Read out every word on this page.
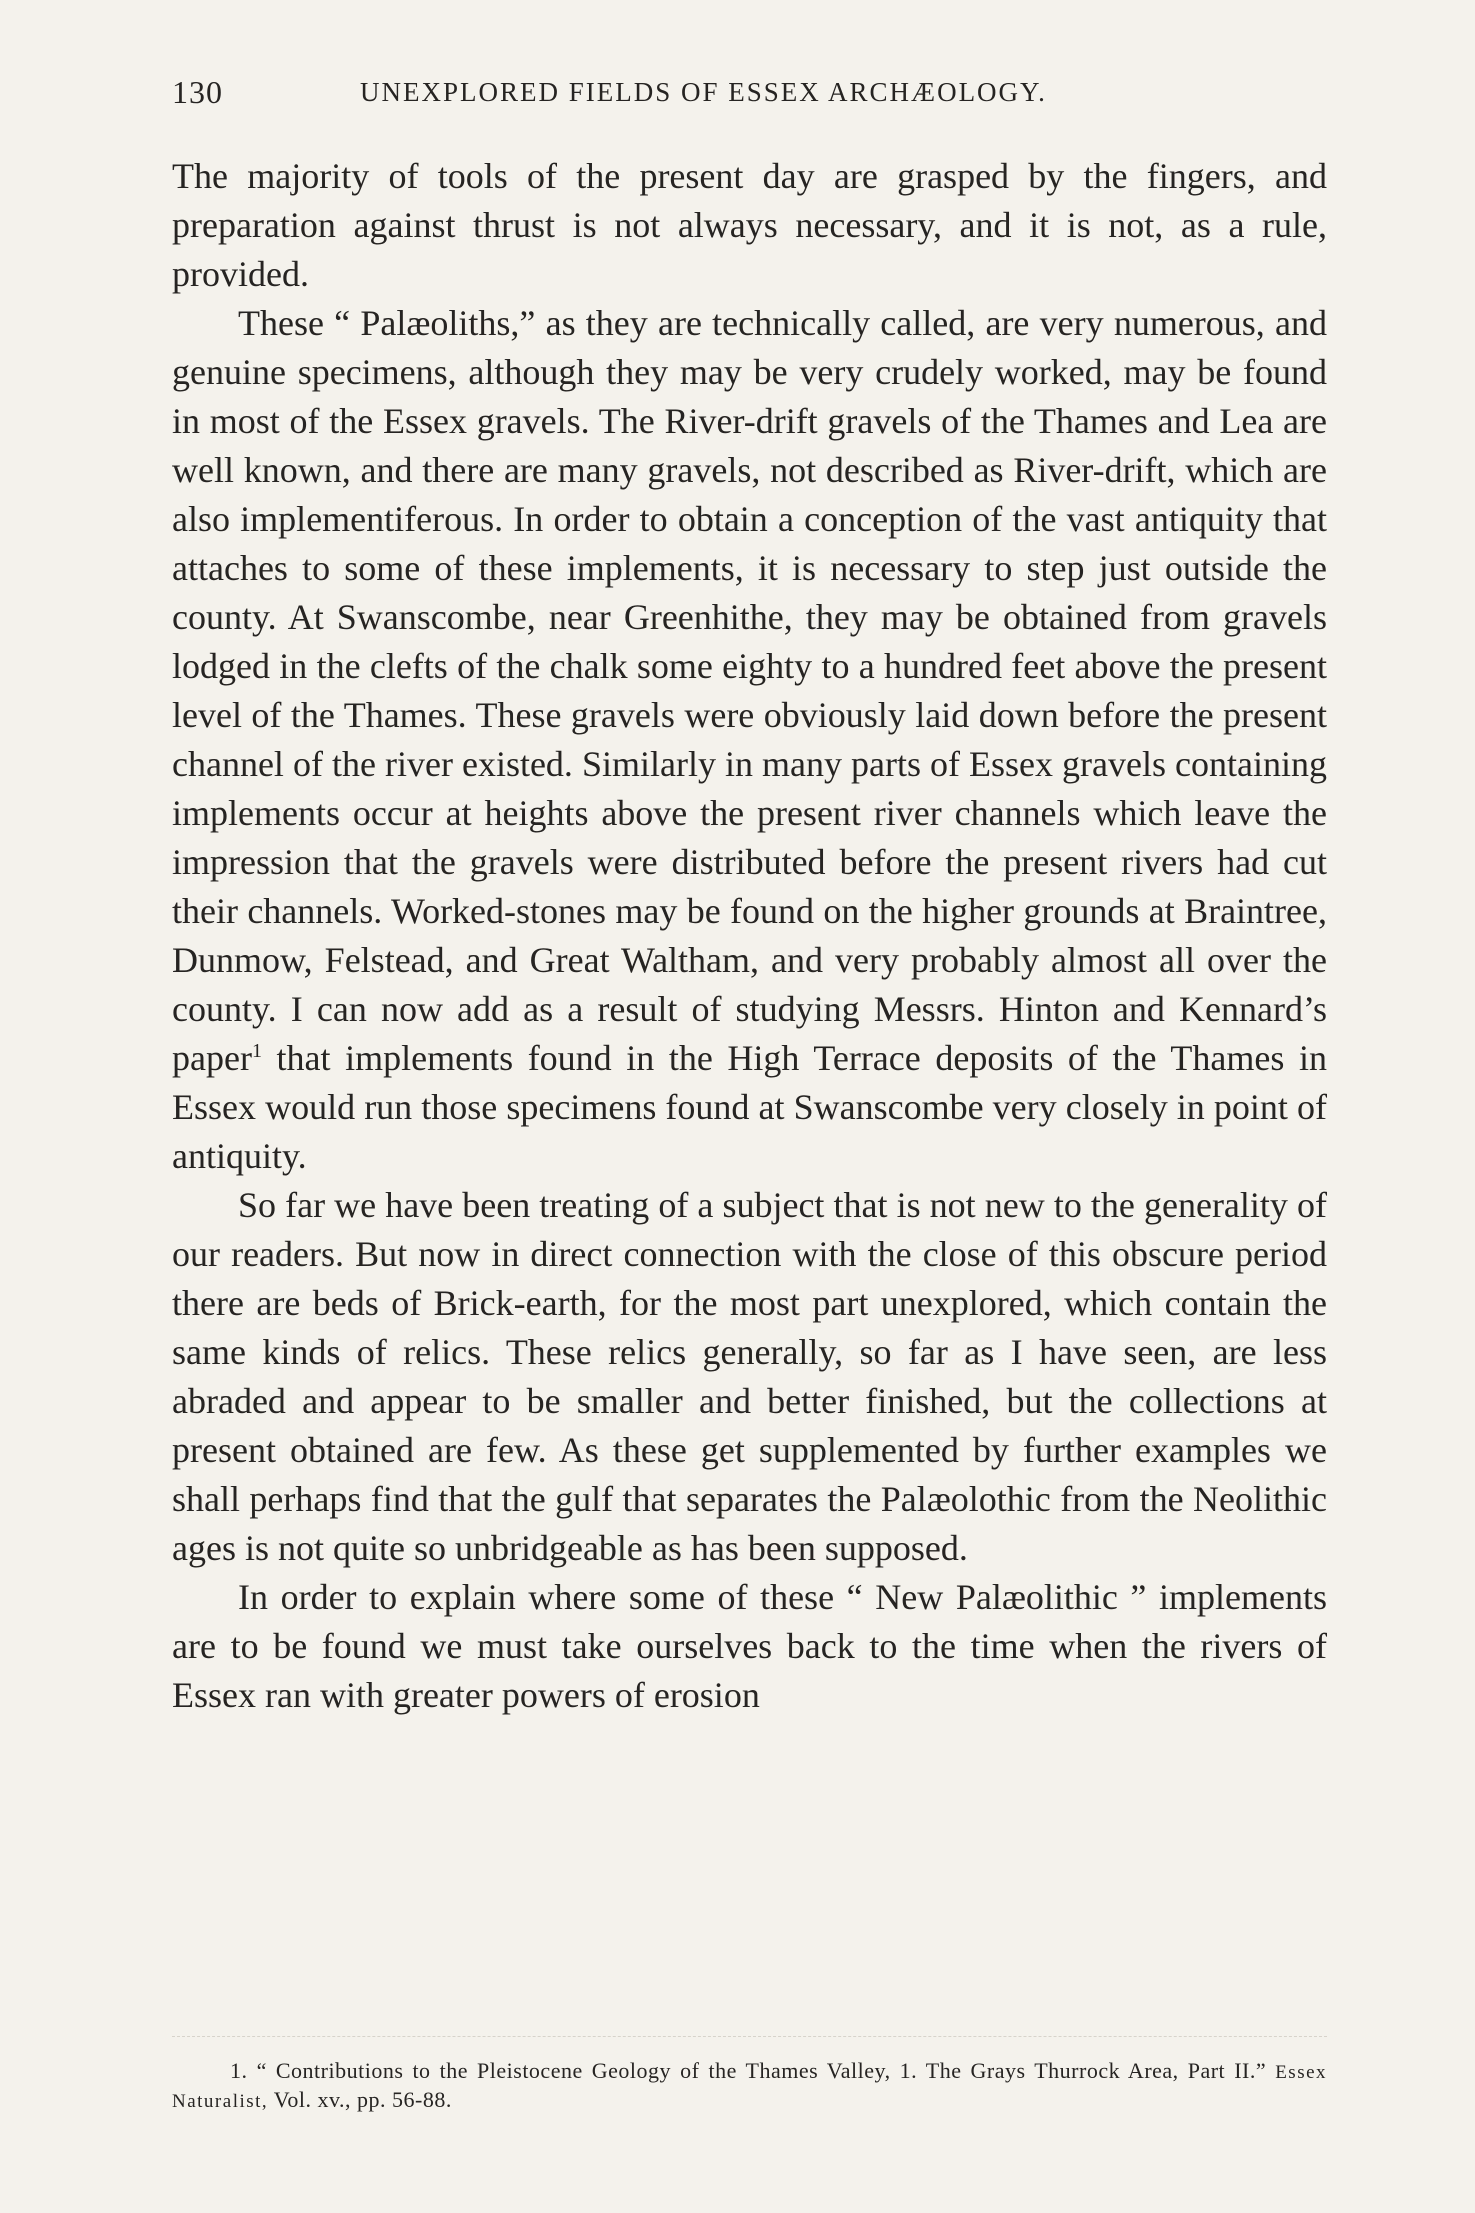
130	UNEXPLORED FIELDS OF ESSEX ARCHÆOLOGY.

The majority of tools of the present day are grasped by the fingers, and preparation against thrust is not always necessary, and it is not, as a rule, provided.

These “ Palæoliths,” as they are technically called, are very numerous, and genuine specimens, although they may be very crudely worked, may be found in most of the Essex gravels. The River-drift gravels of the Thames and Lea are well known, and there are many gravels, not described as River-drift, which are also implementiferous. In order to obtain a conception of the vast antiquity that attaches to some of these implements, it is necessary to step just outside the county. At Swanscombe, near Greenhithe, they may be obtained from gravels lodged in the clefts of the chalk some eighty to a hundred feet above the present level of the Thames. These gravels were obviously laid down before the present channel of the river existed. Similarly in many parts of Essex gravels containing implements occur at heights above the present river channels which leave the impression that the gravels were distributed before the present rivers had cut their channels. Worked-stones may be found on the higher grounds at Braintree, Dunmow, Felstead, and Great Waltham, and very probably almost all over the county. I can now add as a result of studying Messrs. Hinton and Kennard’s paper$^1$ that implements found in the High Terrace deposits of the Thames in Essex would run those specimens found at Swanscombe very closely in point of antiquity.

So far we have been treating of a subject that is not new to the generality of our readers. But now in direct connection with the close of this obscure period there are beds of Brick-earth, for the most part unexplored, which contain the same kinds of relics. These relics generally, so far as I have seen, are less abraded and appear to be smaller and better finished, but the collections at present obtained are few. As these get supplemented by further examples we shall perhaps find that the gulf that separates the Palæolothic from the Neolithic ages is not quite so unbridgeable as has been supposed.

In order to explain where some of these “ New Palæolithic ” implements are to be found we must take ourselves back to the time when the rivers of Essex ran with greater powers of erosion

1. “ Contributions to the Pleistocene Geology of the Thames Valley, 1. The Grays Thurrock Area, Part II.” Essex Naturalist, Vol. xv., pp. 56-88.
